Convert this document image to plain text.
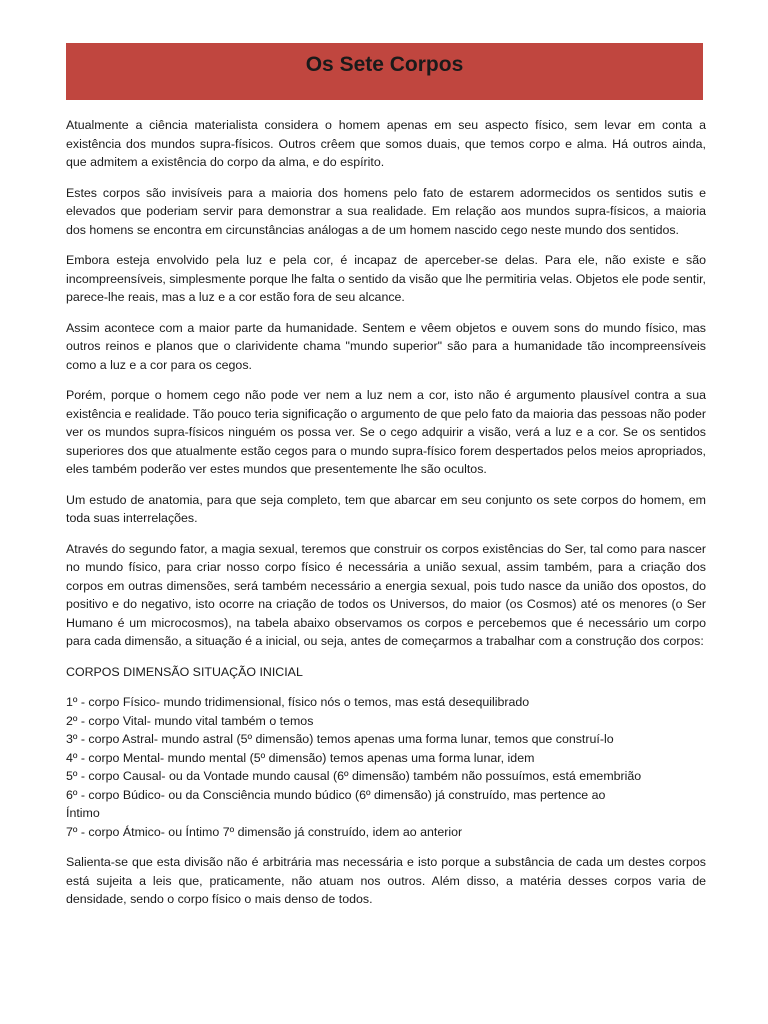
Os Sete Corpos

Atualmente a ciência materialista considera o homem apenas em seu aspecto físico, sem levar em conta a existência dos mundos supra-físicos. Outros crêem que somos duais, que temos corpo e alma. Há outros ainda, que admitem a existência do corpo da alma, e do espírito.

Estes corpos são invisíveis para a maioria dos homens pelo fato de estarem adormecidos os sentidos sutis e elevados que poderiam servir para demonstrar a sua realidade. Em relação aos mundos supra-físicos, a maioria dos homens se encontra em circunstâncias análogas a de um homem nascido cego neste mundo dos sentidos.

Embora esteja envolvido pela luz e pela cor, é incapaz de aperceber-se delas. Para ele, não existe e são incompreensíveis, simplesmente porque lhe falta o sentido da visão que lhe permitiria velas. Objetos ele pode sentir, parece-lhe reais, mas a luz e a cor estão fora de seu alcance.

Assim acontece com a maior parte da humanidade. Sentem e vêem objetos e ouvem sons do mundo físico, mas outros reinos e planos que o clarividente chama "mundo superior" são para a humanidade tão incompreensíveis como a luz e a cor para os cegos.

Porém, porque o homem cego não pode ver nem a luz nem a cor, isto não é argumento plausível contra a sua existência e realidade. Tão pouco teria significação o argumento de que pelo fato da maioria das pessoas não poder ver os mundos supra-físicos ninguém os possa ver. Se o cego adquirir a visão, verá a luz e a cor. Se os sentidos superiores dos que atualmente estão cegos para o mundo supra-físico forem despertados pelos meios apropriados, eles também poderão ver estes mundos que presentemente lhe são ocultos.

Um estudo de anatomia, para que seja completo, tem que abarcar em seu conjunto os sete corpos do homem, em toda suas interrelações.

Através do segundo fator, a magia sexual, teremos que construir os corpos existências do Ser, tal como para nascer no mundo físico, para criar nosso corpo físico é necessária a união sexual, assim também, para a criação dos corpos em outras dimensões, será também necessário a energia sexual, pois tudo nasce da união dos opostos, do positivo e do negativo, isto ocorre na criação de todos os Universos, do maior (os Cosmos) até os menores (o Ser Humano é um microcosmos), na tabela abaixo observamos os corpos e percebemos que é necessário um corpo para cada dimensão, a situação é a inicial, ou seja, antes de começarmos a trabalhar com a construção dos corpos:

CORPOS DIMENSÃO SITUAÇÃO INICIAL

1º - corpo Físico- mundo tridimensional, físico nós o temos, mas está desequilibrado
2º - corpo Vital- mundo vital também o temos
3º - corpo Astral- mundo astral (5º dimensão) temos apenas uma forma lunar, temos que construí-lo
4º - corpo Mental- mundo mental (5º dimensão) temos apenas uma forma lunar, idem
5º - corpo Causal- ou da Vontade mundo causal (6º dimensão) também não possuímos, está emembrião
6º - corpo Búdico- ou da Consciência mundo búdico (6º dimensão) já construído, mas pertence ao
Íntimo
7º - corpo Átmico- ou Íntimo 7º dimensão já construído, idem ao anterior

Salienta-se que esta divisão não é arbitrária mas necessária e isto porque a substância de cada um destes corpos está sujeita a leis que, praticamente, não atuam nos outros. Além disso, a matéria desses corpos varia de densidade, sendo o corpo físico o mais denso de todos.
